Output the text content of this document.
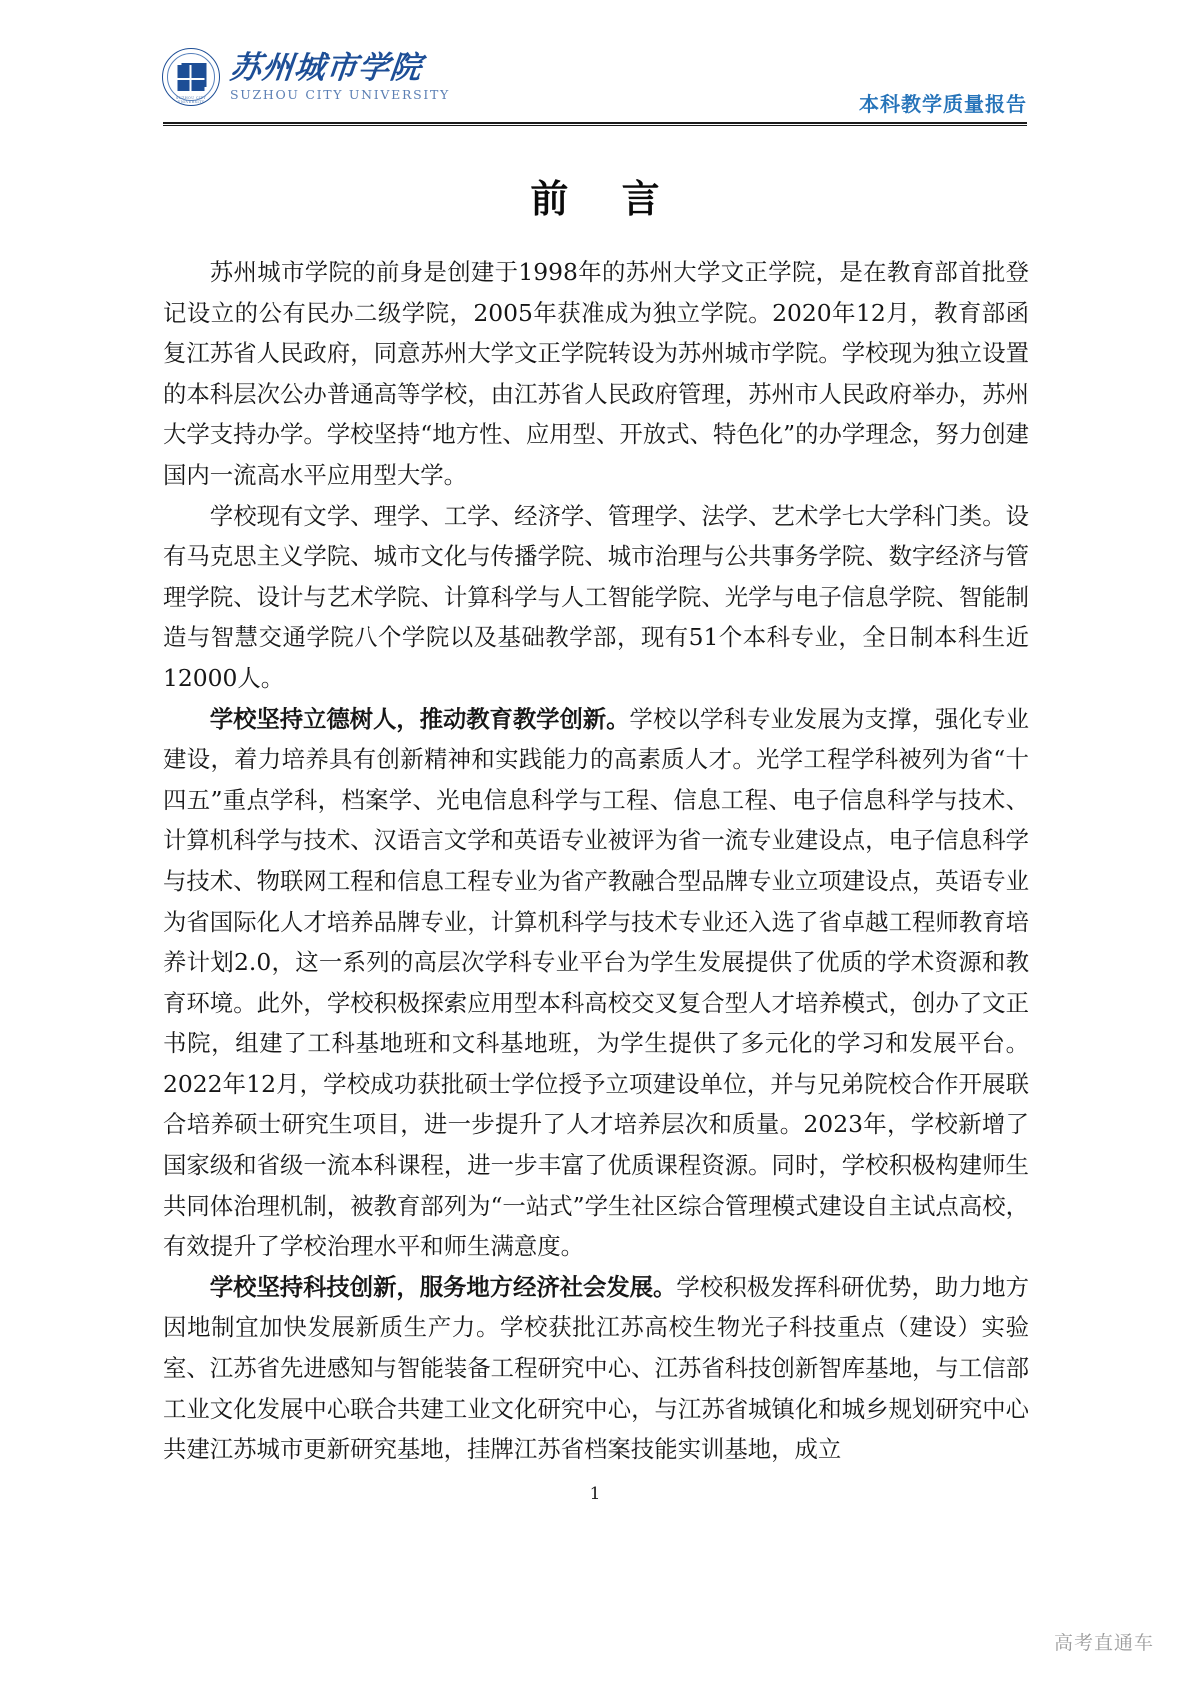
SUZHOU CITY UNIVERSITY
苏州城市学院
SUZHOU CITY UNIVERSITY	本科教学质量报告
前 言

苏州城市学院的前身是创建于1998年的苏州大学文正学院，是在教育部首批登记设立的公有民办二级学院，2005年获准成为独立学院。2020年12月，教育部函复江苏省人民政府，同意苏州大学文正学院转设为苏州城市学院。学校现为独立设置的本科层次公办普通高等学校，由江苏省人民政府管理，苏州市人民政府举办，苏州大学支持办学。学校坚持“地方性、应用型、开放式、特色化”的办学理念，努力创建国内一流高水平应用型大学。

学校现有文学、理学、工学、经济学、管理学、法学、艺术学七大学科门类。设有马克思主义学院、城市文化与传播学院、城市治理与公共事务学院、数字经济与管理学院、设计与艺术学院、计算科学与人工智能学院、光学与电子信息学院、智能制造与智慧交通学院八个学院以及基础教学部，现有51个本科专业，全日制本科生近12000人。

学校坚持立德树人，推动教育教学创新。学校以学科专业发展为支撑，强化专业建设，着力培养具有创新精神和实践能力的高素质人才。光学工程学科被列为省“十四五”重点学科，档案学、光电信息科学与工程、信息工程、电子信息科学与技术、计算机科学与技术、汉语言文学和英语专业被评为省一流专业建设点，电子信息科学与技术、物联网工程和信息工程专业为省产教融合型品牌专业立项建设点，英语专业为省国际化人才培养品牌专业，计算机科学与技术专业还入选了省卓越工程师教育培养计划2.0，这一系列的高层次学科专业平台为学生发展提供了优质的学术资源和教育环境。此外，学校积极探索应用型本科高校交叉复合型人才培养模式，创办了文正书院，组建了工科基地班和文科基地班，为学生提供了多元化的学习和发展平台。2022年12月，学校成功获批硕士学位授予立项建设单位，并与兄弟院校合作开展联合培养硕士研究生项目，进一步提升了人才培养层次和质量。2023年，学校新增了国家级和省级一流本科课程，进一步丰富了优质课程资源。同时，学校积极构建师生共同体治理机制，被教育部列为“一站式”学生社区综合管理模式建设自主试点高校，有效提升了学校治理水平和师生满意度。

学校坚持科技创新，服务地方经济社会发展。学校积极发挥科研优势，助力地方因地制宜加快发展新质生产力。学校获批江苏高校生物光子科技重点（建设）实验室、江苏省先进感知与智能装备工程研究中心、江苏省科技创新智库基地，与工信部工业文化发展中心联合共建工业文化研究中心，与江苏省城镇化和城乡规划研究中心共建江苏城市更新研究基地，挂牌江苏省档案技能实训基地，成立

1
高考直通车
